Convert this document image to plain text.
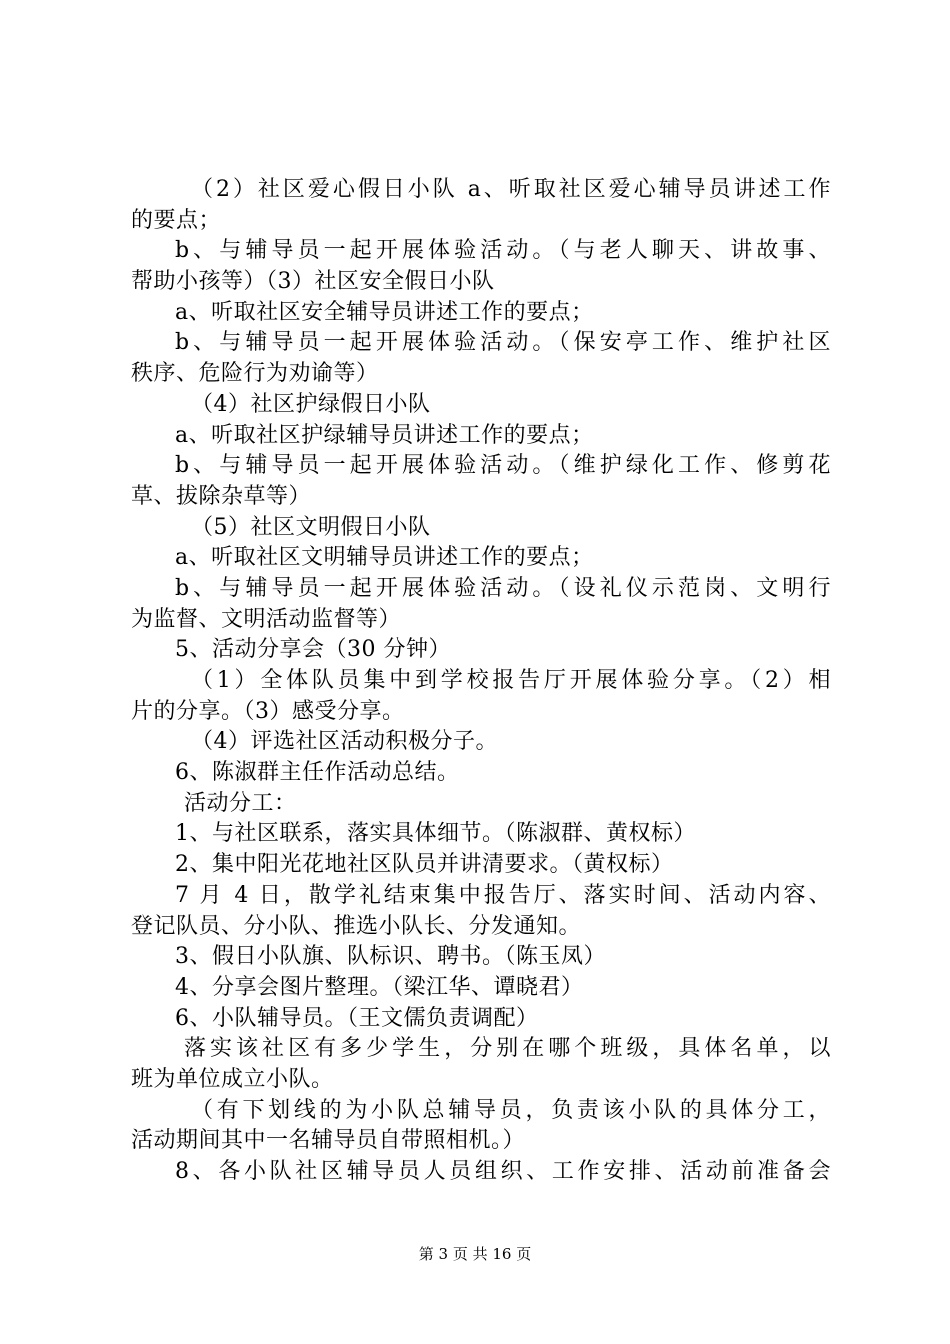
（2）社区爱心假日小队 a、听取社区爱心辅导员讲述工作
的要点；
b、与辅导员一起开展体验活动。（与老人聊天、讲故事、
帮助小孩等）（3）社区安全假日小队
a、听取社区安全辅导员讲述工作的要点；
b、与辅导员一起开展体验活动。（保安亭工作、维护社区
秩序、危险行为劝谕等）
（4）社区护绿假日小队
a、听取社区护绿辅导员讲述工作的要点；
b、与辅导员一起开展体验活动。（维护绿化工作、修剪花
草、拔除杂草等）
（5）社区文明假日小队
a、听取社区文明辅导员讲述工作的要点；
b、与辅导员一起开展体验活动。（设礼仪示范岗、文明行
为监督、文明活动监督等）
5、活动分享会（30 分钟）
（1）全体队员集中到学校报告厅开展体验分享。（2）相
片的分享。（3）感受分享。
（4）评选社区活动积极分子。
6、陈淑群主任作活动总结。
活动分工：
1、与社区联系，落实具体细节。（陈淑群、黄权标）
2、集中阳光花地社区队员并讲清要求。（黄权标）
7 月 4 日，散学礼结束集中报告厅、落实时间、活动内容、
登记队员、分小队、推选小队长、分发通知。
3、假日小队旗、队标识、聘书。（陈玉凤）
4、分享会图片整理。（梁江华、谭晓君）
6、小队辅导员。（王文儒负责调配）
落实该社区有多少学生，分别在哪个班级，具体名单，以
班为单位成立小队。
（有下划线的为小队总辅导员，负责该小队的具体分工，
活动期间其中一名辅导员自带照相机。）
8、各小队社区辅导员人员组织、工作安排、活动前准备会
第 3 页 共 16 页
